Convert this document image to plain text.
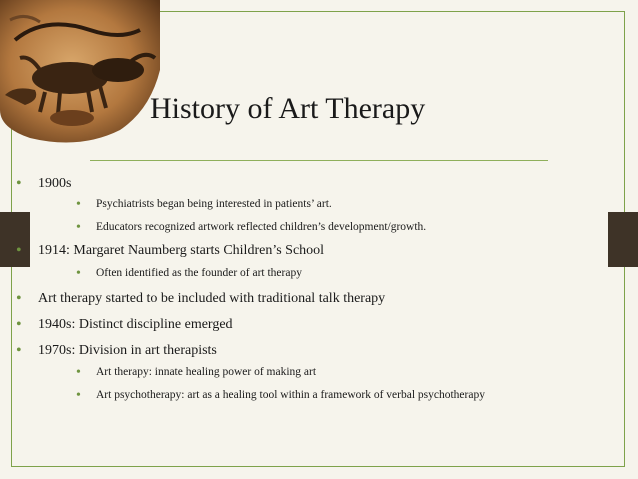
History of Art Therapy
• 1900s
• Psychiatrists began being interested in patients’ art.
• Educators recognized artwork reflected children’s development/growth.
• 1914: Margaret Naumberg starts Children’s School
• Often identified as the founder of art therapy
• Art therapy started to be included with traditional talk therapy
• 1940s: Distinct discipline emerged
• 1970s: Division in art therapists
• Art therapy: innate healing power of making art
• Art psychotherapy: art as a healing tool within a framework of verbal psychotherapy
